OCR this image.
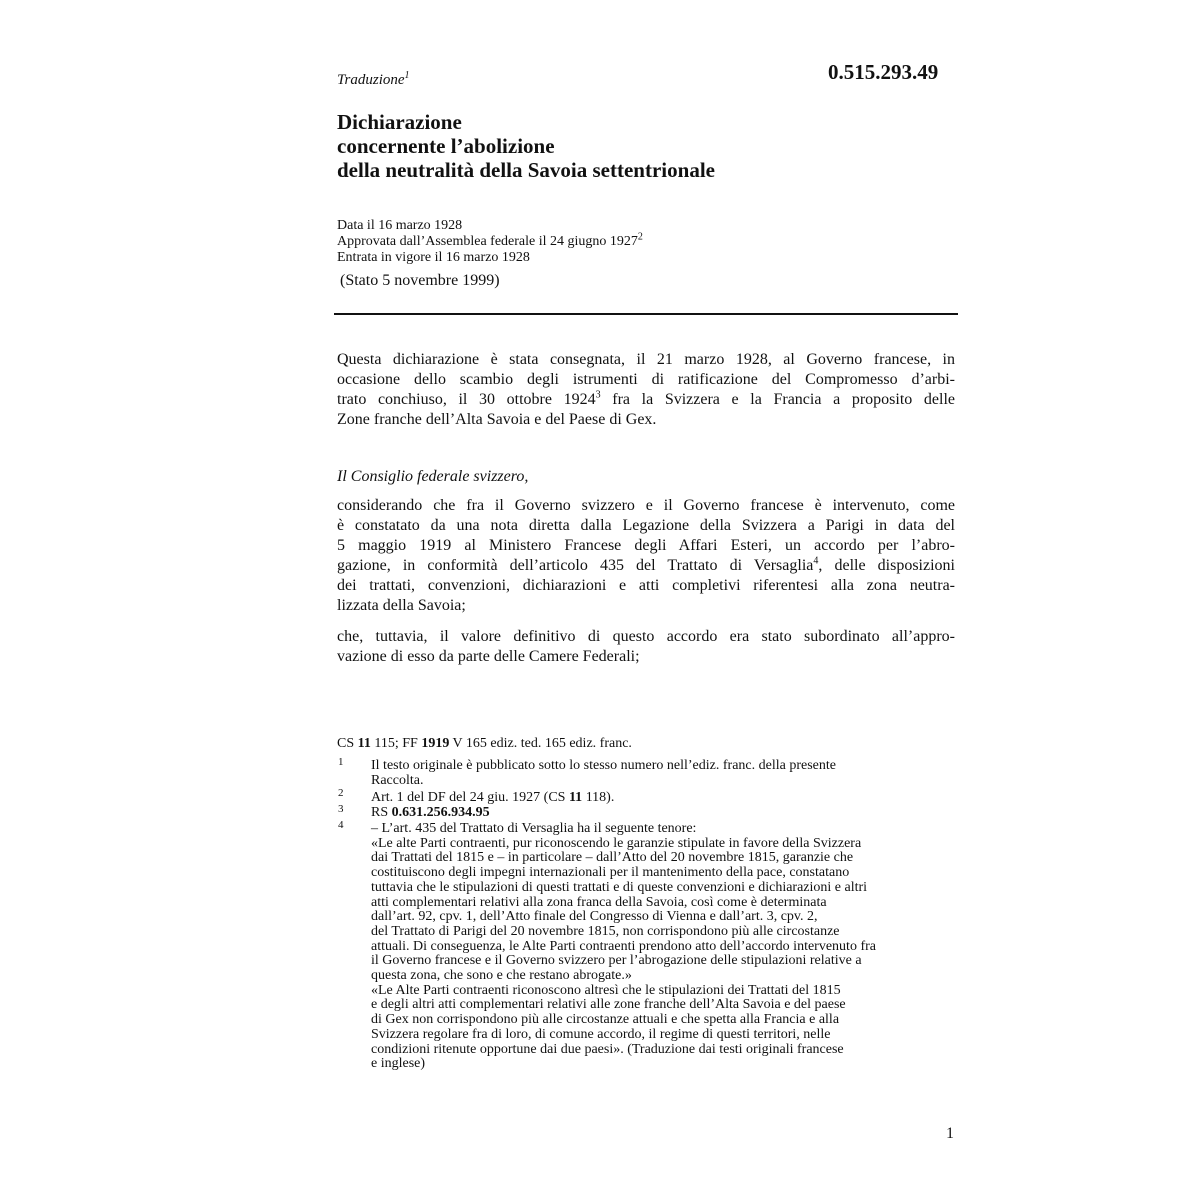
Traduzione$^1$	0.515.293.49
Dichiarazione
concernente l’abolizione
della neutralità della Savoia settentrionale
Data il 16 marzo 1928
Approvata dall’Assemblea federale il 24 giugno 1927$^2$
Entrata in vigore il 16 marzo 1928
(Stato 5 novembre 1999)
Questa dichiarazione è stata consegnata, il 21 marzo 1928, al Governo francese, in
occasione dello scambio degli istrumenti di ratificazione del Compromesso d’arbi-
trato conchiuso, il 30 ottobre 1924$^3$ fra la Svizzera e la Francia a proposito delle
Zone franche dell’Alta Savoia e del Paese di Gex.
Il Consiglio federale svizzero,
considerando che fra il Governo svizzero e il Governo francese è intervenuto, come
è constatato da una nota diretta dalla Legazione della Svizzera a Parigi in data del
5 maggio 1919 al Ministero Francese degli Affari Esteri, un accordo per l’abro-
gazione, in conformità dell’articolo 435 del Trattato di Versaglia$^4$, delle disposizioni
dei trattati, convenzioni, dichiarazioni e atti completivi riferentesi alla zona neutra-
lizzata della Savoia;
che, tuttavia, il valore definitivo di questo accordo era stato subordinato all’appro-
vazione di esso da parte delle Camere Federali;
CS 11 115; FF 1919 V 165 ediz. ted. 165 ediz. franc.
1 Il testo originale è pubblicato sotto lo stesso numero nell’ediz. franc. della presente
Raccolta.
2 Art. 1 del DF del 24 giu. 1927 (CS 11 118).
3 RS 0.631.256.934.95
4 – L’art. 435 del Trattato di Versaglia ha il seguente tenore:
«Le alte Parti contraenti, pur riconoscendo le garanzie stipulate in favore della Svizzera
dai Trattati del 1815 e – in particolare – dall’Atto del 20 novembre 1815, garanzie che
costituiscono degli impegni internazionali per il mantenimento della pace, constatano
tuttavia che le stipulazioni di questi trattati e di queste convenzioni e dichiarazioni e altri
atti complementari relativi alla zona franca della Savoia, così come è determinata
dall’art. 92, cpv. 1, dell’Atto finale del Congresso di Vienna e dall’art. 3, cpv. 2,
del Trattato di Parigi del 20 novembre 1815, non corrispondono più alle circostanze
attuali. Di conseguenza, le Alte Parti contraenti prendono atto dell’accordo intervenuto fra
il Governo francese e il Governo svizzero per l’abrogazione delle stipulazioni relative a
questa zona, che sono e che restano abrogate.»
«Le Alte Parti contraenti riconoscono altresì che le stipulazioni dei Trattati del 1815
e degli altri atti complementari relativi alle zone franche dell’Alta Savoia e del paese
di Gex non corrispondono più alle circostanze attuali e che spetta alla Francia e alla
Svizzera regolare fra di loro, di comune accordo, il regime di questi territori, nelle
condizioni ritenute opportune dai due paesi». (Traduzione dai testi originali francese
e inglese)
1
